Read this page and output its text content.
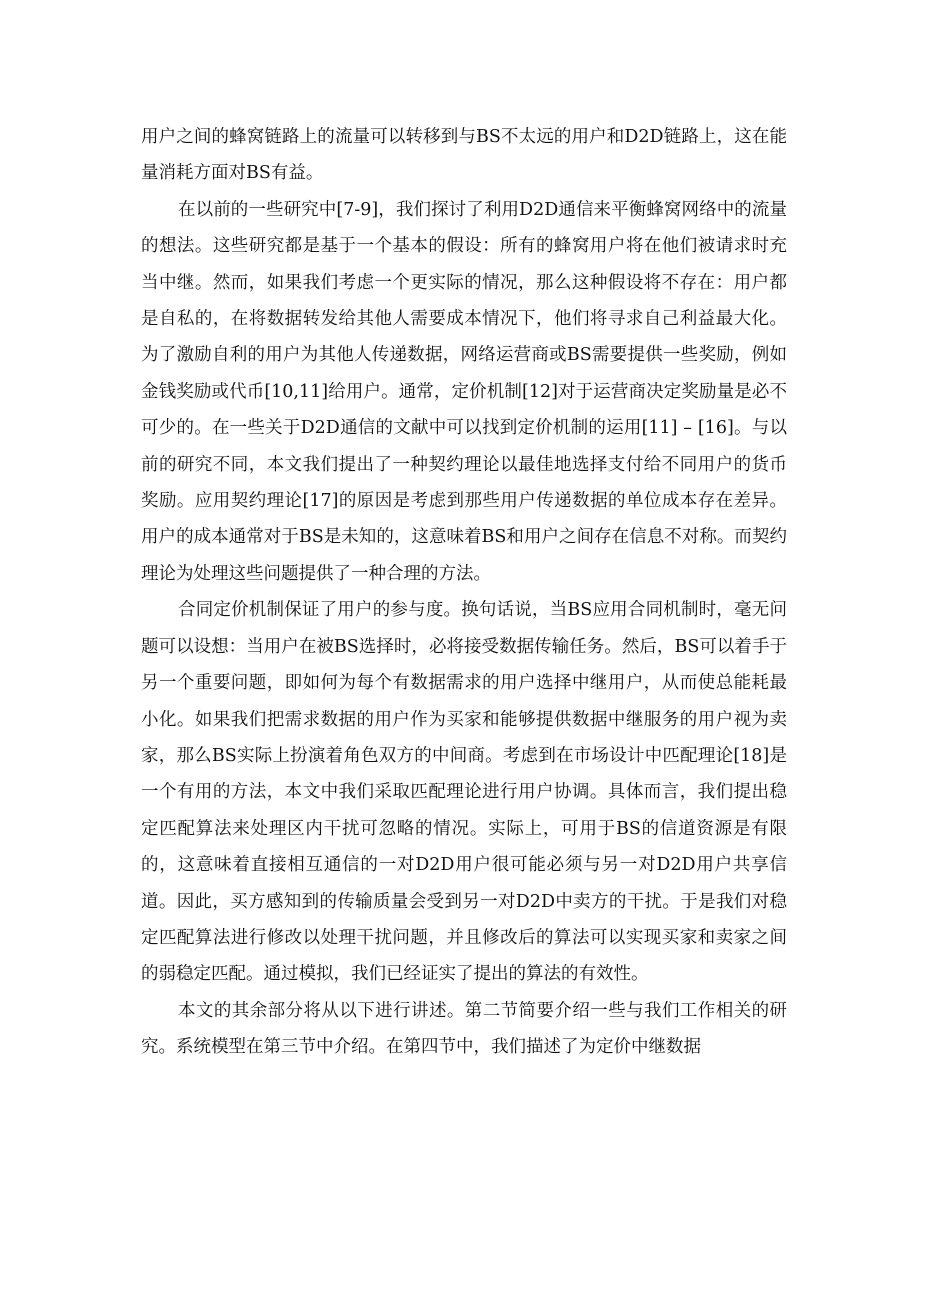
用户之间的蜂窝链路上的流量可以转移到与BS不太远的用户和D2D链路上，这在能量消耗方面对BS有益。

在以前的一些研究中[7-9]，我们探讨了利用D2D通信来平衡蜂窝网络中的流量的想法。这些研究都是基于一个基本的假设：所有的蜂窝用户将在他们被请求时充当中继。然而，如果我们考虑一个更实际的情况，那么这种假设将不存在：用户都是自私的，在将数据转发给其他人需要成本情况下，他们将寻求自己利益最大化。为了激励自利的用户为其他人传递数据，网络运营商或BS需要提供一些奖励，例如金钱奖励或代币[10,11]给用户。通常，定价机制[12]对于运营商决定奖励量是必不可少的。在一些关于D2D通信的文献中可以找到定价机制的运用[11] – [16]。与以前的研究不同，本文我们提出了一种契约理论以最佳地选择支付给不同用户的货币奖励。应用契约理论[17]的原因是考虑到那些用户传递数据的单位成本存在差异。用户的成本通常对于BS是未知的，这意味着BS和用户之间存在信息不对称。而契约理论为处理这些问题提供了一种合理的方法。

合同定价机制保证了用户的参与度。换句话说，当BS应用合同机制时，毫无问题可以设想：当用户在被BS选择时，必将接受数据传输任务。然后，BS可以着手于另一个重要问题，即如何为每个有数据需求的用户选择中继用户，从而使总能耗最小化。如果我们把需求数据的用户作为买家和能够提供数据中继服务的用户视为卖家，那么BS实际上扮演着角色双方的中间商。考虑到在市场设计中匹配理论[18]是一个有用的方法，本文中我们采取匹配理论进行用户协调。具体而言，我们提出稳定匹配算法来处理区内干扰可忽略的情况。实际上，可用于BS的信道资源是有限的，这意味着直接相互通信的一对D2D用户很可能必须与另一对D2D用户共享信道。因此，买方感知到的传输质量会受到另一对D2D中卖方的干扰。于是我们对稳定匹配算法进行修改以处理干扰问题，并且修改后的算法可以实现买家和卖家之间的弱稳定匹配。通过模拟，我们已经证实了提出的算法的有效性。

本文的其余部分将从以下进行讲述。第二节简要介绍一些与我们工作相关的研究。系统模型在第三节中介绍。在第四节中，我们描述了为定价中继数据
